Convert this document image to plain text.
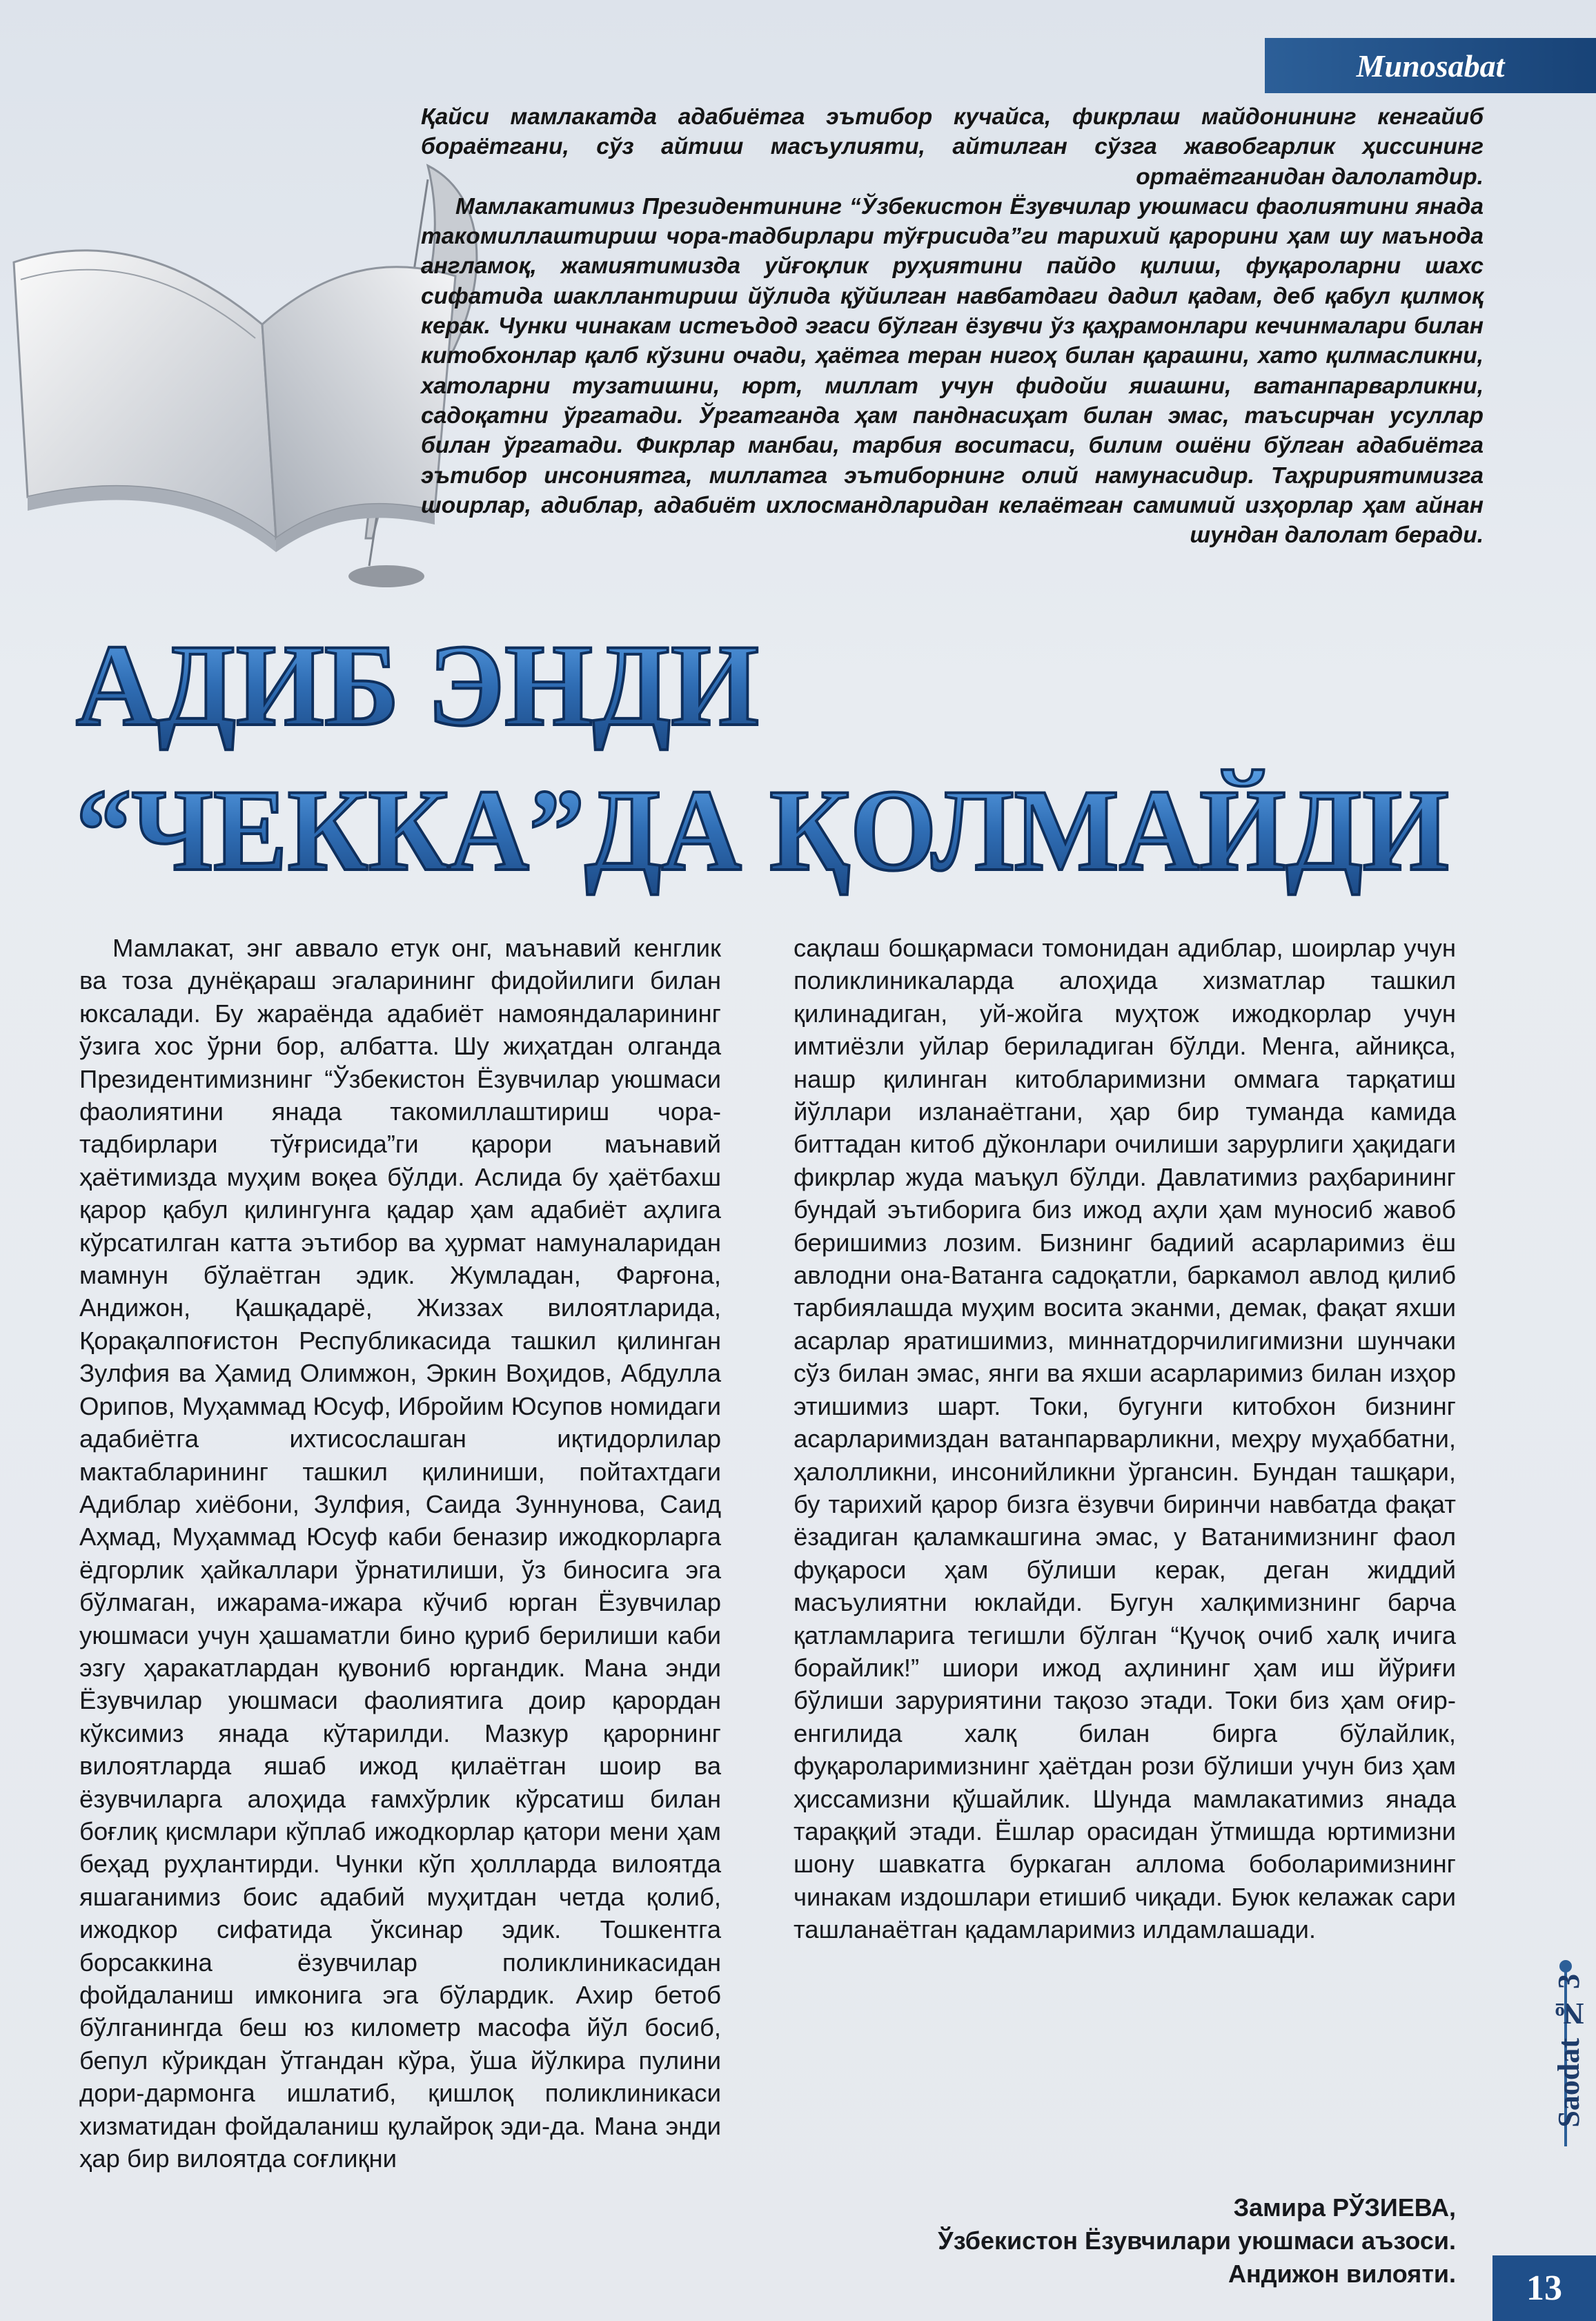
Munosabat

Қайси мамлакатда адабиётга эътибор кучайса, фикрлаш майдонининг кенгайиб бораётгани, сўз айтиш масъулияти, айтилган сўзга жавобгарлик ҳиссининг ортаётганидан далолатдир.

Мамлакатимиз Президентининг “Ўзбекистон Ёзувчилар уюшмаси фаолиятини янада такомиллаштириш чора-тадбирлари тўғрисида”ги тарихий қарорини ҳам шу маънода англамоқ, жамиятимизда уйғоқлик руҳиятини пайдо қилиш, фуқароларни шахс сифатида шакллантириш йўлида қўйилган навбатдаги дадил қадам, деб қабул қилмоқ керак. Чунки чинакам истеъдод эгаси бўлган ёзувчи ўз қаҳрамонлари кечинмалари билан китобхонлар қалб кўзини очади, ҳаётга теран нигоҳ билан қарашни, хато қилмасликни, хатоларни тузатишни, юрт, миллат учун фидойи яшашни, ватанпарварликни, садоқатни ўргатади. Ўргатганда ҳам панднасиҳат билан эмас, таъсирчан усуллар билан ўргатади. Фикрлар манбаи, тарбия воситаси, билим ошёни бўлган адабиётга эътибор инсониятга, миллатга эътиборнинг олий намунасидир. Таҳририятимизга шоирлар, адиблар, адабиёт ихлосмандларидан келаётган самимий изҳорлар ҳам айнан шундан далолат беради.

АДИБ ЭНДИ
“ЧЕККА”ДА ҚОЛМАЙДИ

Мамлакат, энг аввало етук онг, маънавий кенглик ва тоза дунёқараш эгаларининг фидойилиги билан юксалади. Бу жараёнда адабиёт намояндаларининг ўзига хос ўрни бор, албатта. Шу жиҳатдан олганда Президентимизнинг “Ўзбекистон Ёзувчилар уюшмаси фаолиятини янада такомиллаштириш чора-тадбирлари тўғрисида”ги қарори маънавий ҳаётимизда муҳим воқеа бўлди. Аслида бу ҳаётбахш қарор қабул қилингунга қадар ҳам адабиёт аҳлига кўрсатилган катта эътибор ва ҳурмат намуналаридан мамнун бўлаётган эдик. Жумладан, Фарғона, Андижон, Қашқадарё, Жиззах вилоятларида, Қорақалпоғистон Республикасида ташкил қилинган Зулфия ва Ҳамид Олимжон, Эркин Воҳидов, Абдулла Орипов, Муҳаммад Юсуф, Ибройим Юсупов номидаги адабиётга ихтисослашган иқтидорлилар мактабларининг ташкил қилиниши, пойтахтдаги Адиблар хиёбони, Зулфия, Саида Зуннунова, Саид Аҳмад, Муҳаммад Юсуф каби беназир ижодкорларга ёдгорлик ҳайкаллари ўрнатилиши, ўз биносига эга бўлмаган, ижарама-ижара кўчиб юрган Ёзувчилар уюшмаси учун ҳашаматли бино қуриб берилиши каби эзгу ҳаракатлардан қувониб юргандик. Мана энди Ёзувчилар уюшмаси фаолиятига доир қарордан кўксимиз янада кўтарилди. Мазкур қарорнинг вилоятларда яшаб ижод қилаётган шоир ва ёзувчиларга алоҳида ғамхўрлик кўрсатиш билан боғлиқ қисмлари кўплаб ижодкорлар қатори мени ҳам беҳад руҳлантирди. Чунки кўп ҳоллларда вилоятда яшаганимиз боис адабий муҳитдан четда қолиб, ижодкор сифатида ўксинар эдик. Тошкентга борсаккина ёзувчилар поликлиникасидан фойдаланиш имконига эга бўлардик. Ахир бетоб бўлганингда беш юз километр масофа йўл босиб, бепул кўрикдан ўтгандан кўра, ўша йўлкира пулини дори-дармонга ишлатиб, қишлоқ поликлиникаси хизматидан фойдаланиш қулайроқ эди-да. Мана энди ҳар бир вилоятда соғлиқни

сақлаш бошқармаси томонидан адиблар, шоирлар учун поликлиникаларда алоҳида хизматлар ташкил қилинадиган, уй-жойга муҳтож ижодкорлар учун имтиёзли уйлар бериладиган бўлди. Менга, айниқса, нашр қилинган китобларимизни оммага тарқатиш йўллари изланаётгани, ҳар бир туманда камида биттадан китоб дўконлари очилиши зарурлиги ҳақидаги фикрлар жуда маъқул бўлди. Давлатимиз раҳбарининг бундай эътиборига биз ижод аҳли ҳам муносиб жавоб беришимиз лозим. Бизнинг бадиий асарларимиз ёш авлодни она-Ватанга садоқатли, баркамол авлод қилиб тарбиялашда муҳим восита эканми, демак, фақат яхши асарлар яратишимиз, миннатдорчилигимизни шунчаки сўз билан эмас, янги ва яхши асарларимиз билан изҳор этишимиз шарт. Токи, бугунги китобхон бизнинг асарларимиздан ватанпарварликни, меҳру муҳаббатни, ҳалолликни, инсонийликни ўргансин. Бундан ташқари, бу тарихий қарор бизга ёзувчи биринчи навбатда фақат ёзадиган қаламкашгина эмас, у Ватанимизнинг фаол фуқароси ҳам бўлиши керак, деган жиддий масъулиятни юклайди. Бугун халқимизнинг барча қатламларига тегишли бўлган “Қучоқ очиб халқ ичига борайлик!” шиори ижод аҳлининг ҳам иш йўриғи бўлиши заруриятини тақозо этади. Токи биз ҳам оғир-енгилида халқ билан бирга бўлайлик, фуқароларимизнинг ҳаётдан рози бўлиши учун биз ҳам ҳиссамизни қўшайлик. Шунда мамлакатимиз янада тараққий этади. Ёшлар орасидан ўтмишда юртимизни шону шавкатга буркаган алломa боболаримизнинг чинакам издошлари етишиб чиқади. Буюк келажак сари ташланаётган қадамларимиз илдамлашади.

Замира РЎЗИЕВА,
Ўзбекистон Ёзувчилари уюшмаси аъзоси.
Андижон вилояти.
Saodat № 3
13
